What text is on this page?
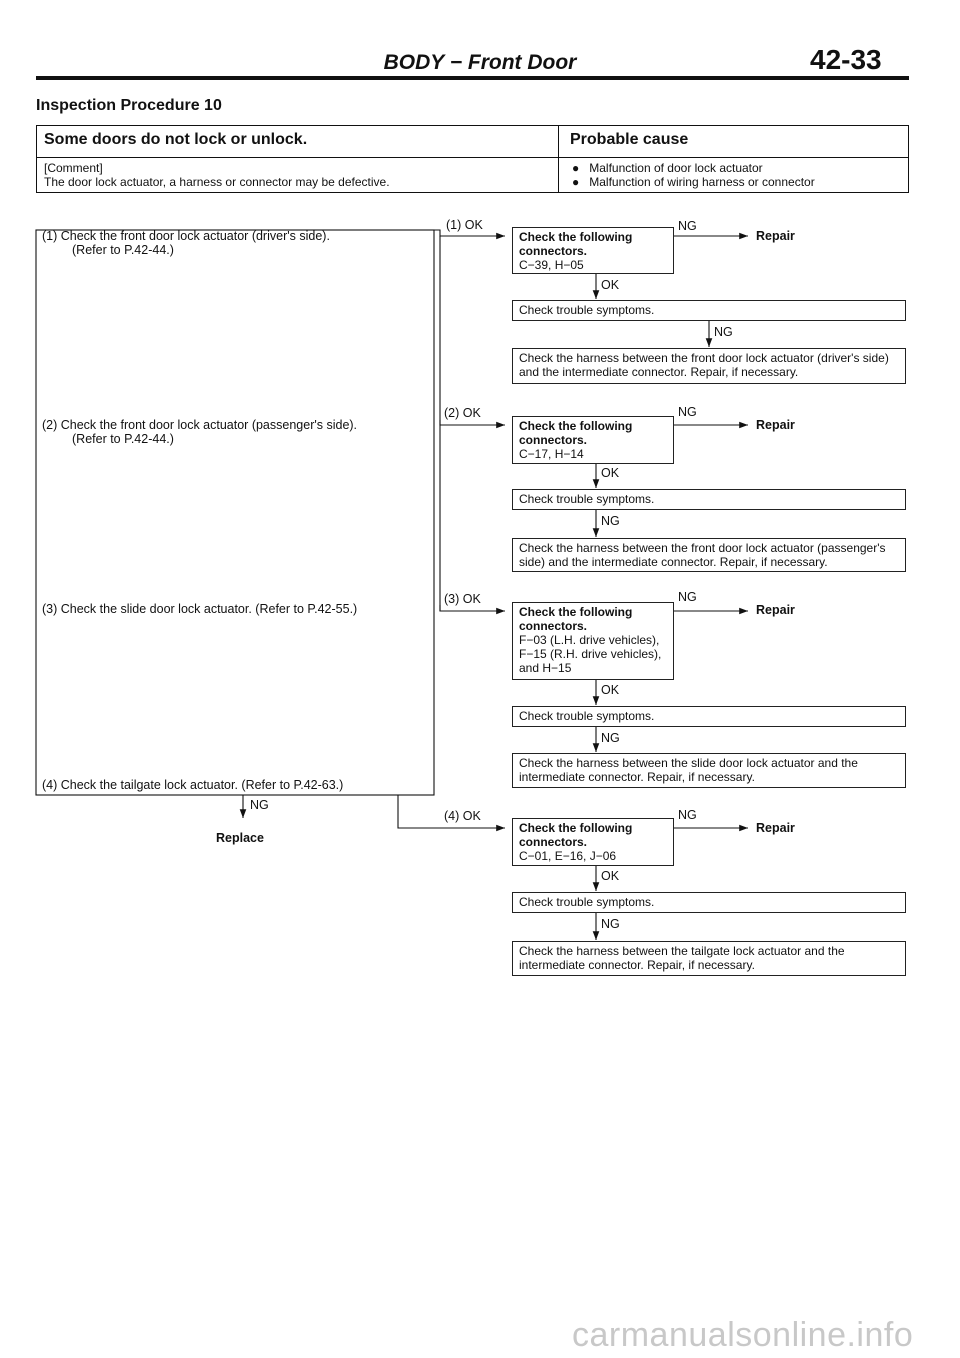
BODY − Front Door	42-33
Inspection Procedure 10
Some doors do not lock or unlock.	Probable cause
[Comment]
The door lock actuator, a harness or connector may be defective.
●   Malfunction of door lock actuator
●   Malfunction of wiring harness or connector
(1) Check the front door lock actuator (driver's side).
(Refer to P.42-44.)
(2) Check the front door lock actuator (passenger's side).
(Refer to P.42-44.)
(3) Check the slide door lock actuator. (Refer to P.42-55.)
(4) Check the tailgate lock actuator. (Refer to P.42-63.)
NG
Replace
(1) OK
(2) OK
(3) OK
(4) OK
Check the following connectors.
C−39, H−05
NG
Repair
OK
Check trouble symptoms.
NG
Check the harness between the front door lock actuator (driver's side) and the intermediate connector. Repair, if necessary.
Check the following connectors.
C−17, H−14
NG
Repair
OK
Check trouble symptoms.
NG
Check the harness between the front door lock actuator (passenger's side) and the intermediate connector. Repair, if necessary.
Check the following connectors.
F−03 (L.H. drive vehicles), F−15 (R.H. drive vehicles), and H−15
NG
Repair
OK
Check trouble symptoms.
NG
Check the harness between the slide door lock actuator and the intermediate connector. Repair, if necessary.
Check the following connectors.
C−01, E−16, J−06
NG
Repair
OK
Check trouble symptoms.
NG
Check the harness between the tailgate lock actuator and the intermediate connector. Repair, if necessary.
carmanualsonline.info
